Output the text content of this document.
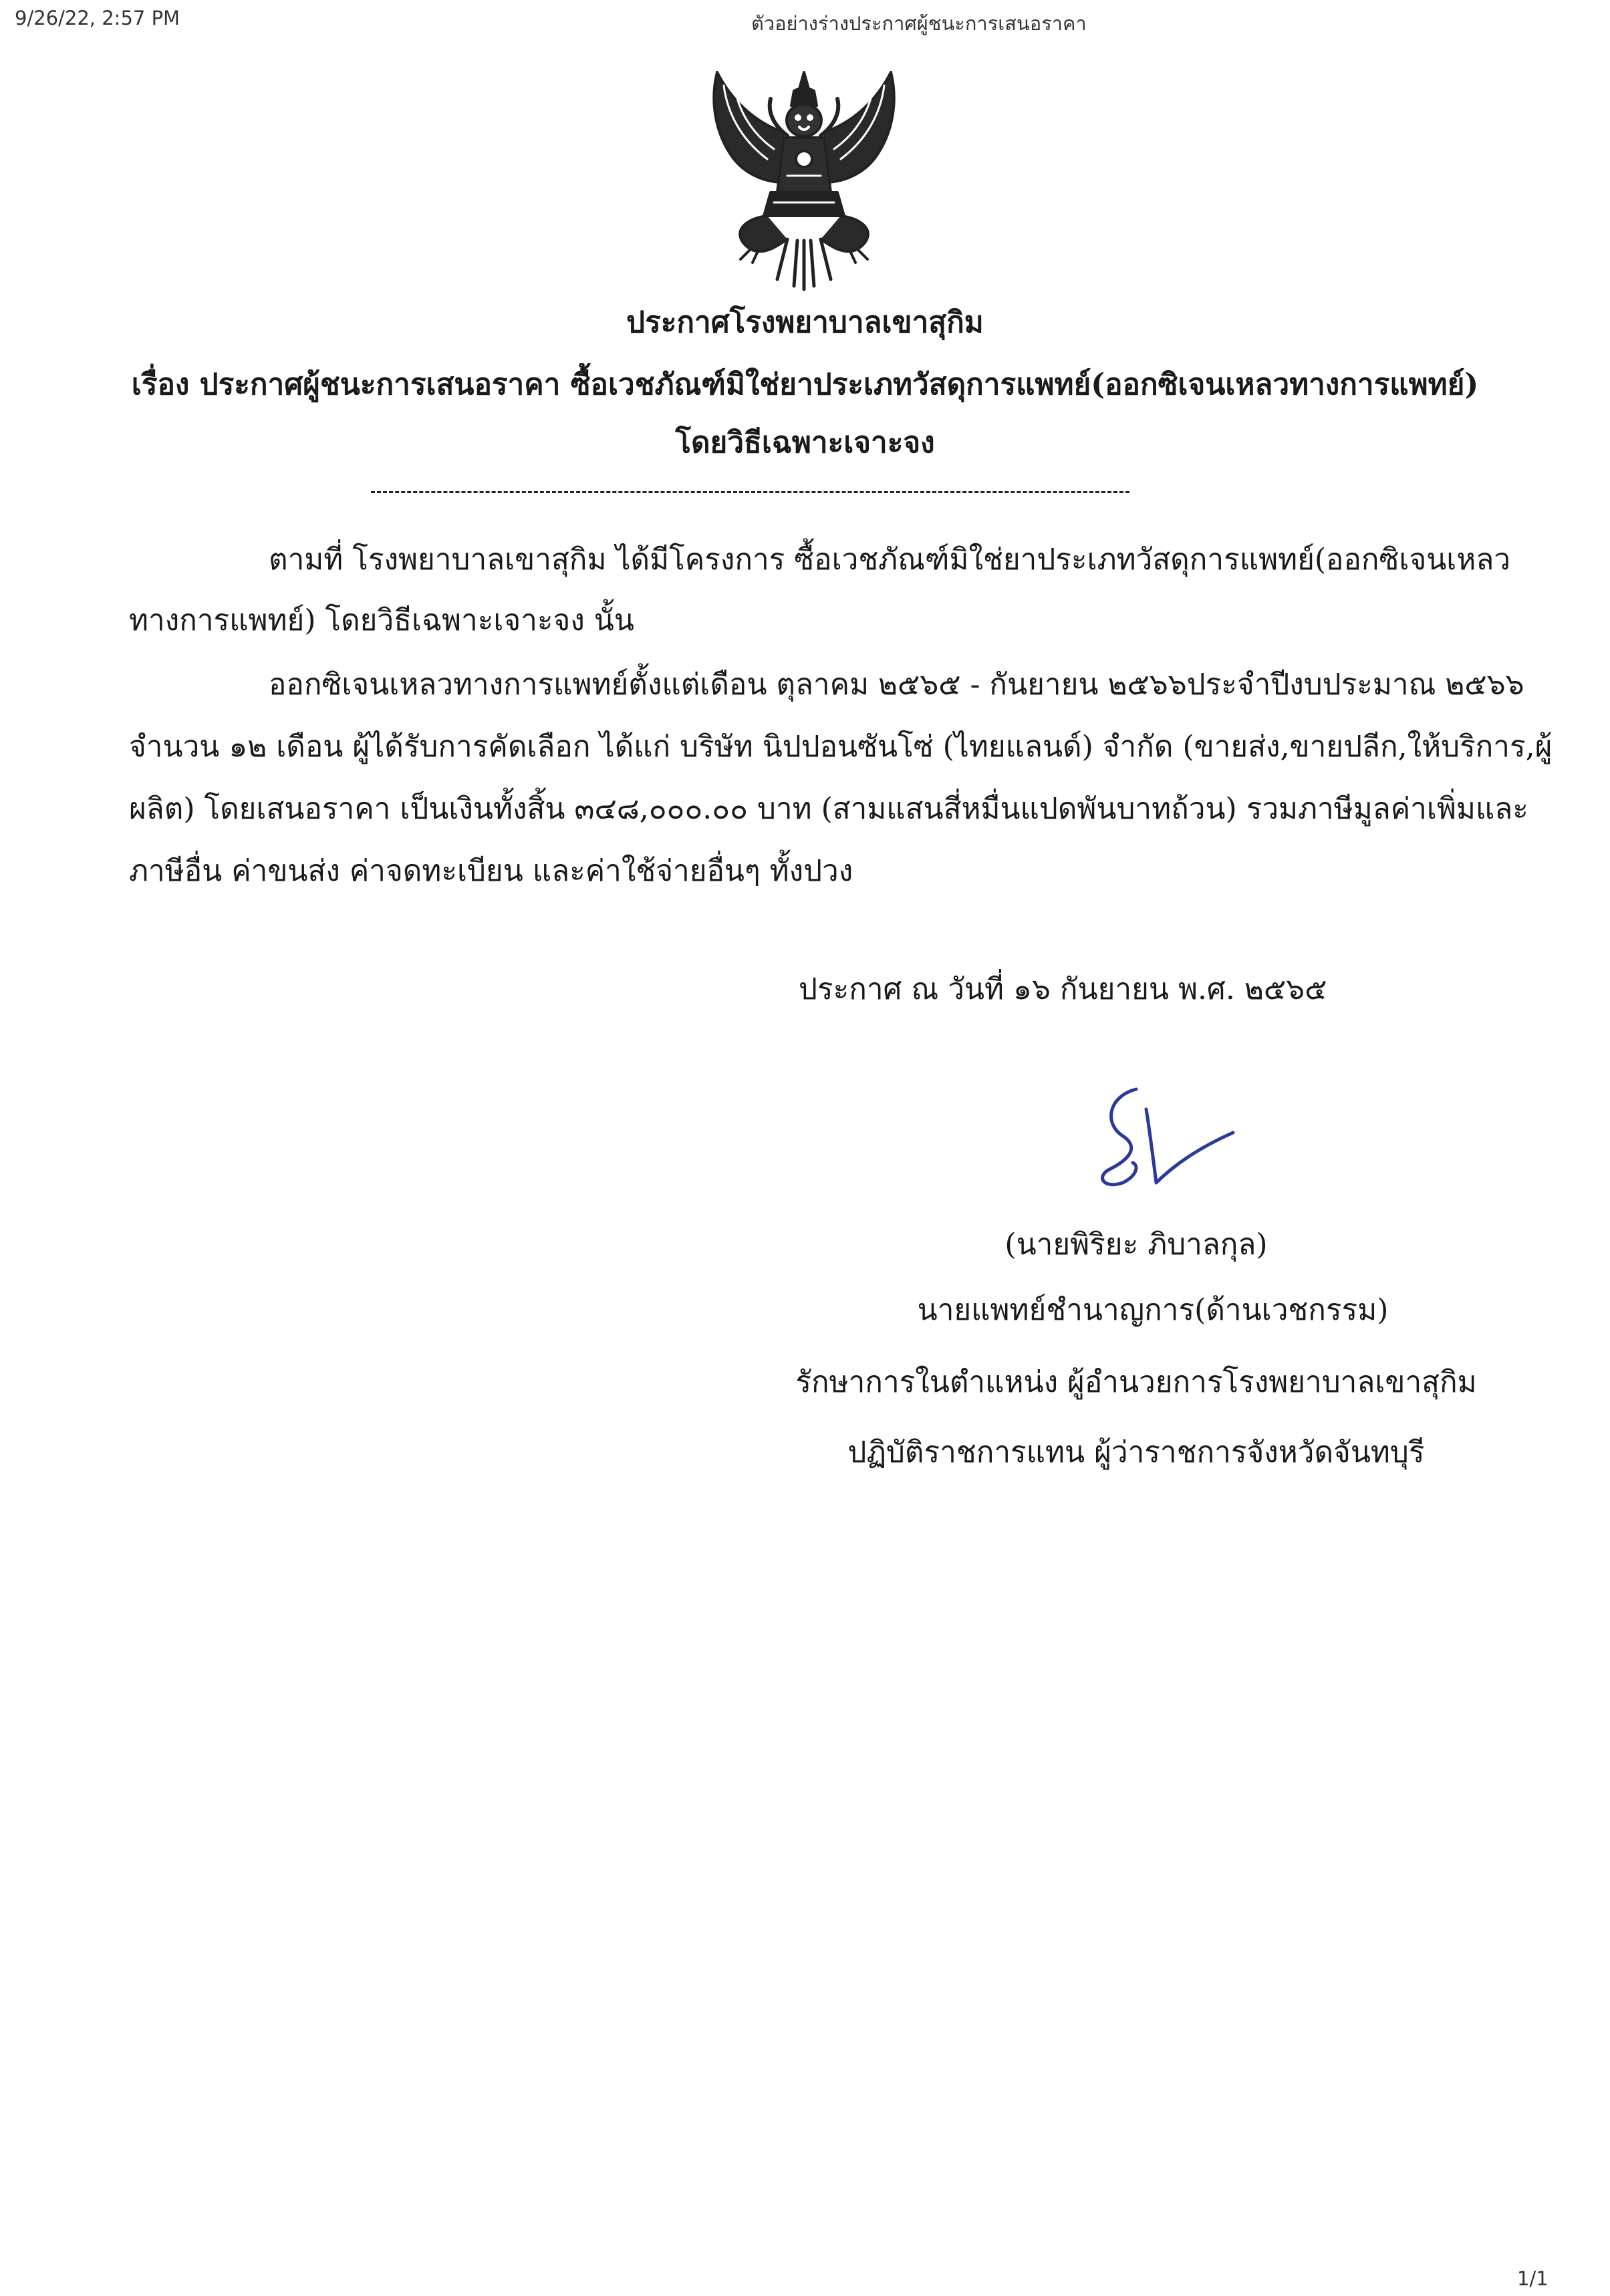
9/26/22, 2:57 PM	ตัวอย่างร่างประกาศผู้ชนะการเสนอราคา
1/1
ประกาศโรงพยาบาลเขาสุกิม
เรื่อง ประกาศผู้ชนะการเสนอราคา ซื้อเวชภัณฑ์มิใช่ยาประเภทวัสดุการแพทย์(ออกซิเจนเหลวทางการแพทย์)
โดยวิธีเฉพาะเจาะจง
ตามที่ โรงพยาบาลเขาสุกิม ได้มีโครงการ ซื้อเวชภัณฑ์มิใช่ยาประเภทวัสดุการแพทย์(ออกซิเจนเหลว
ทางการแพทย์) โดยวิธีเฉพาะเจาะจง นั้น
ออกซิเจนเหลวทางการแพทย์ตั้งแต่เดือน ตุลาคม ๒๕๖๕ - กันยายน ๒๕๖๖ประจำปีงบประมาณ ๒๕๖๖
จำนวน ๑๒ เดือน ผู้ได้รับการคัดเลือก ได้แก่ บริษัท นิปปอนซันโซ่ (ไทยแลนด์) จำกัด (ขายส่ง,ขายปลีก,ให้บริการ,ผู้
ผลิต) โดยเสนอราคา เป็นเงินทั้งสิ้น ๓๔๘,๐๐๐.๐๐ บาท (สามแสนสี่หมื่นแปดพันบาทถ้วน) รวมภาษีมูลค่าเพิ่มและ
ภาษีอื่น ค่าขนส่ง ค่าจดทะเบียน และค่าใช้จ่ายอื่นๆ ทั้งปวง
ประกาศ ณ วันที่ ๑๖ กันยายน พ.ศ. ๒๕๖๕
(นายพิริยะ ภิบาลกุล)
นายแพทย์ชำนาญการ(ด้านเวชกรรม)
รักษาการในตำแหน่ง ผู้อำนวยการโรงพยาบาลเขาสุกิม
ปฏิบัติราชการแทน ผู้ว่าราชการจังหวัดจันทบุรี
